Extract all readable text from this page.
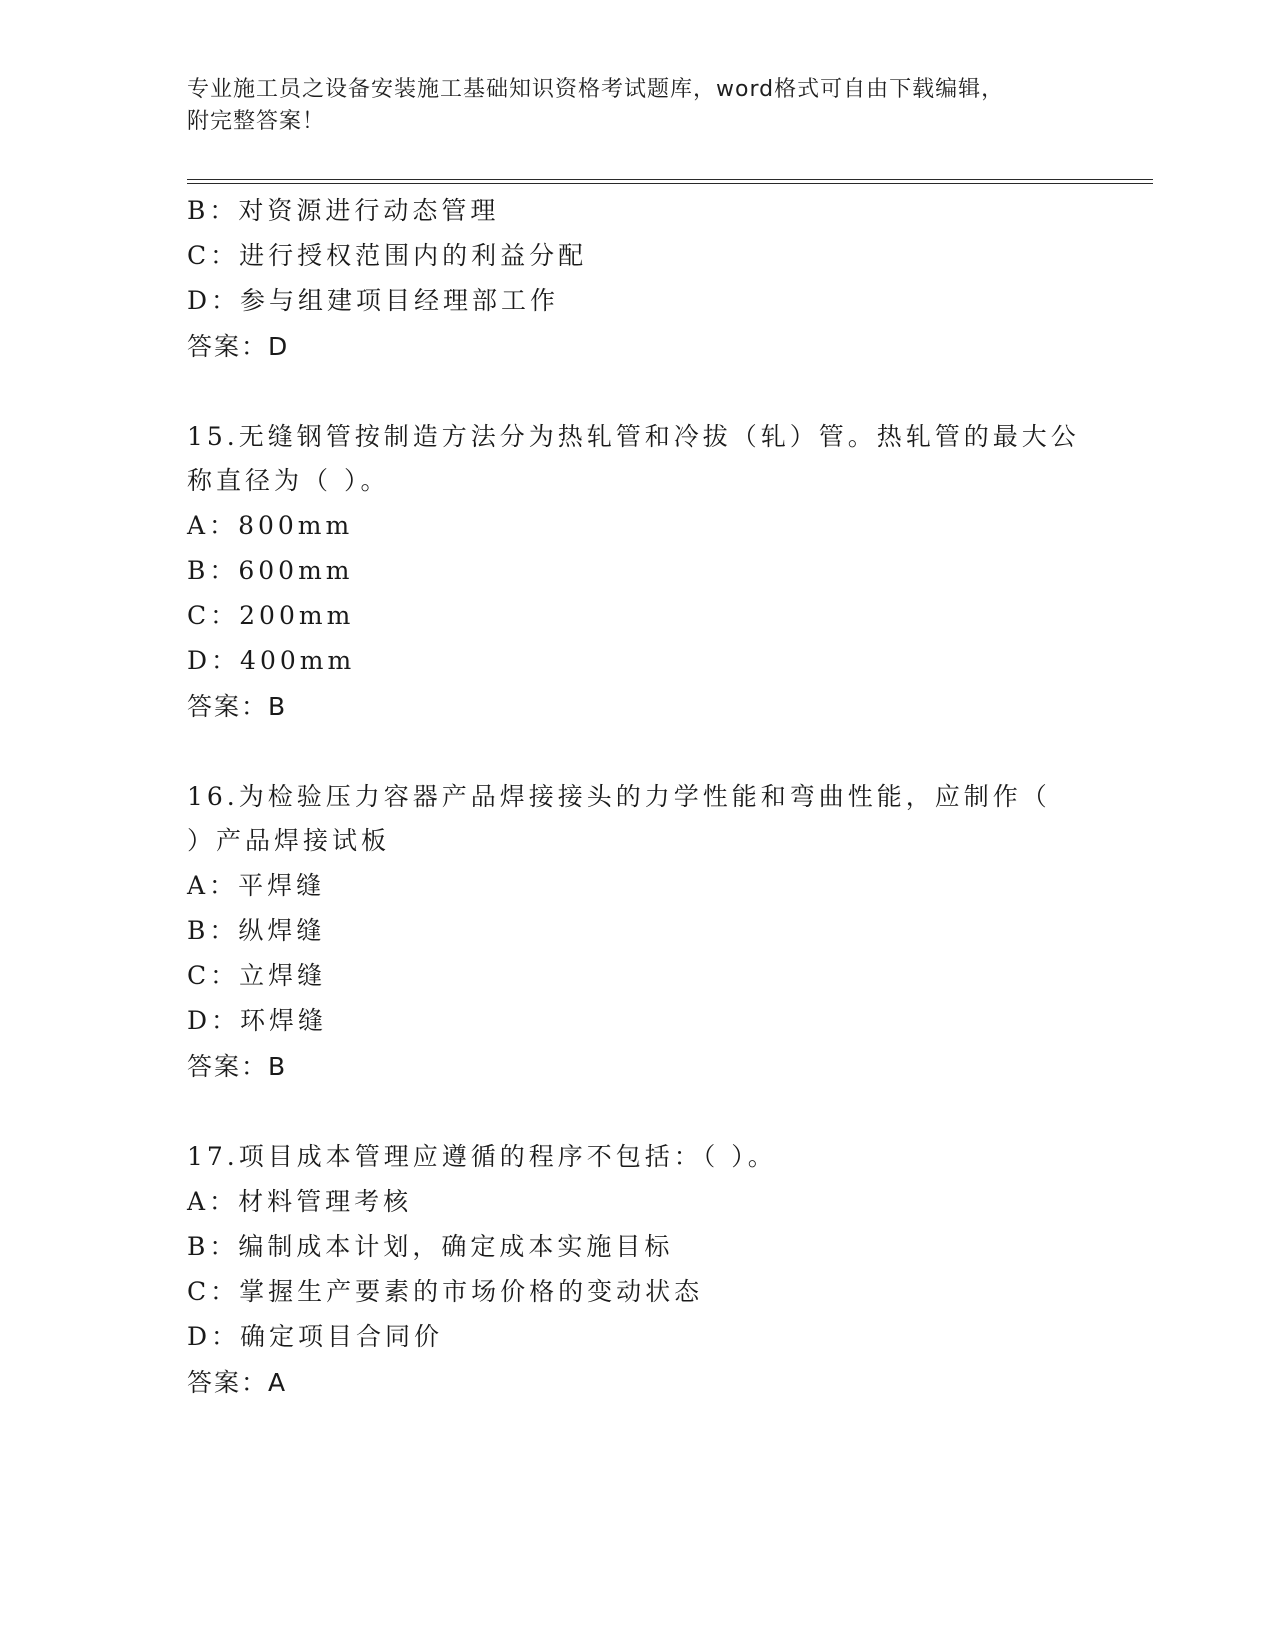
专业施工员之设备安装施工基础知识资格考试题库，word格式可自由下载编辑，
附完整答案！
B：对资源进行动态管理
C：进行授权范围内的利益分配
D：参与组建项目经理部工作
答案：D
15.无缝钢管按制造方法分为热轧管和冷拔（轧）管。热轧管的最大公
称直径为（ ）。
A：800mm
B：600mm
C：200mm
D：400mm
答案：B
16.为检验压力容器产品焊接接头的力学性能和弯曲性能，应制作（
）产品焊接试板
A：平焊缝
B：纵焊缝
C：立焊缝
D：环焊缝
答案：B
17.项目成本管理应遵循的程序不包括：（ ）。
A：材料管理考核
B：编制成本计划，确定成本实施目标
C：掌握生产要素的市场价格的变动状态
D：确定项目合同价
答案：A
